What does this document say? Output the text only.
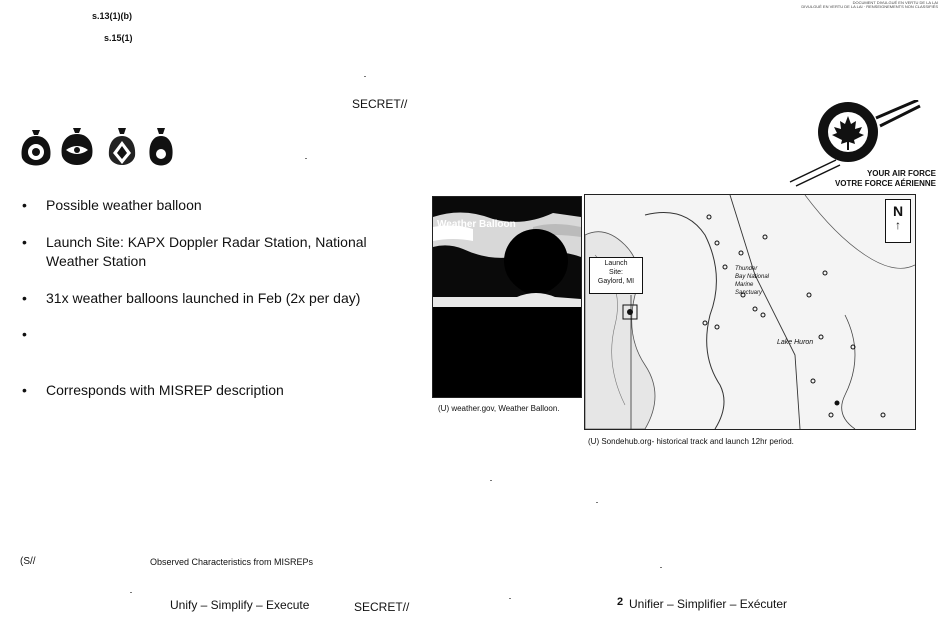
s.13(1)(b)
s.15(1)
DOCUMENT DIVULGUÉ EN VERTU DE LA LAI
DIVULGUÉ EN VERTU DE LA LAI · RENSEIGNEMENTS NON CLASSIFIÉS
SECRET//
YOUR AIR FORCE
VOTRE FORCE AÉRIENNE
• Possible weather balloon
• Launch Site: KAPX Doppler Radar Station, National Weather Station
• 31x weather balloons launched in Feb (2x per day)
•
• Corresponds with MISREP description
Weather Balloon
(U) weather.gov, Weather Balloon.
Launch
Site:
Gaylord, MI
N
↑
Thunder
Bay National
Marine
Sanctuary
Lake Huron
(U) Sondehub.org- historical track and launch 12hr period.
(S//	Observed Characteristics from MISREPs
Unify – Simplify – Execute	SECRET//	2 Unifier – Simplifier – Exécuter
